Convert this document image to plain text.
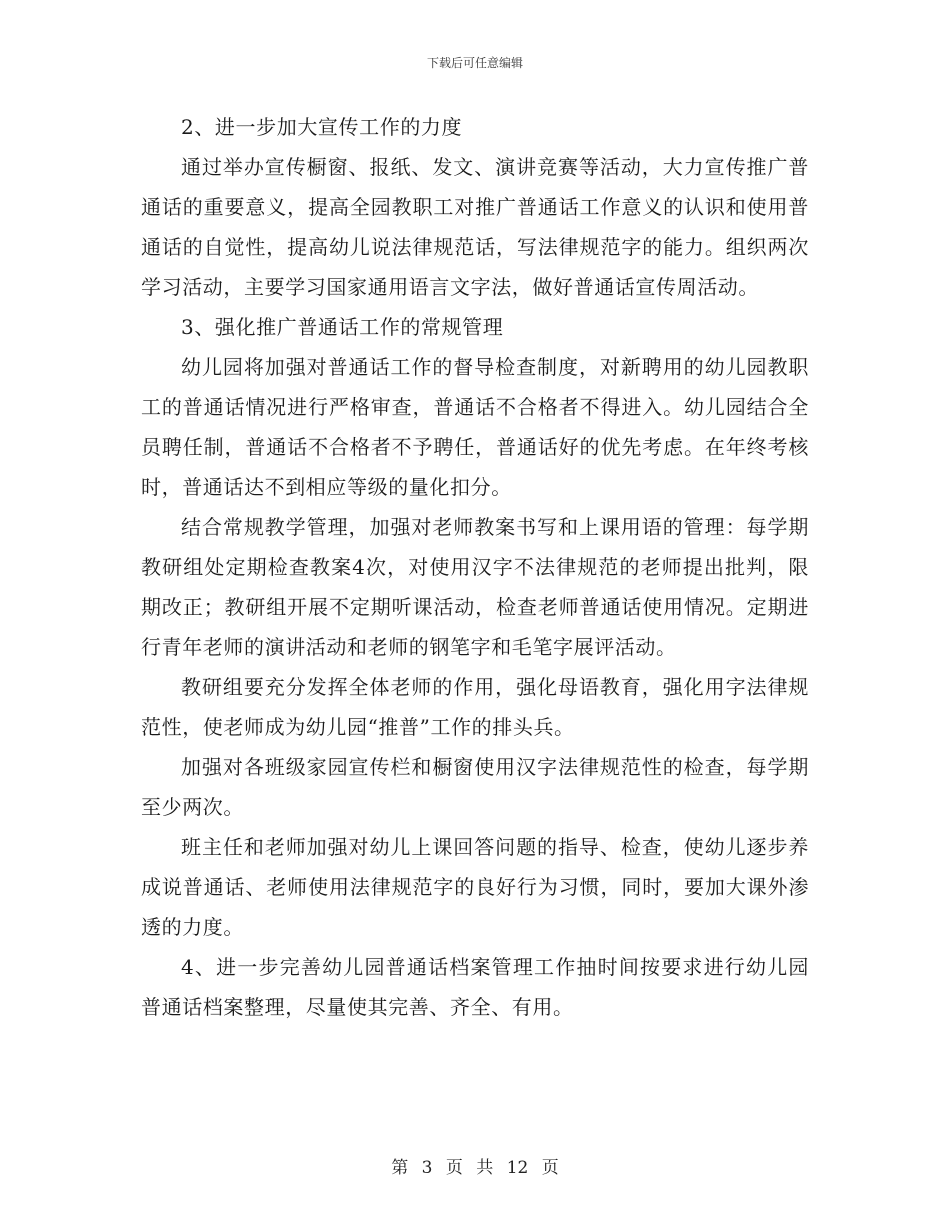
下载后可任意编辑

2、进一步加大宣传工作的力度

通过举办宣传橱窗、报纸、发文、演讲竞赛等活动，大力宣传推广普通话的重要意义，提高全园教职工对推广普通话工作意义的认识和使用普通话的自觉性，提高幼儿说法律规范话，写法律规范字的能力。组织两次学习活动，主要学习国家通用语言文字法，做好普通话宣传周活动。

3、强化推广普通话工作的常规管理

幼儿园将加强对普通话工作的督导检查制度，对新聘用的幼儿园教职工的普通话情况进行严格审查，普通话不合格者不得进入。幼儿园结合全员聘任制，普通话不合格者不予聘任，普通话好的优先考虑。在年终考核时，普通话达不到相应等级的量化扣分。

结合常规教学管理，加强对老师教案书写和上课用语的管理：每学期教研组处定期检查教案4次，对使用汉字不法律规范的老师提出批判，限期改正；教研组开展不定期听课活动，检查老师普通话使用情况。定期进行青年老师的演讲活动和老师的钢笔字和毛笔字展评活动。

教研组要充分发挥全体老师的作用，强化母语教育，强化用字法律规范性，使老师成为幼儿园“推普”工作的排头兵。

加强对各班级家园宣传栏和橱窗使用汉字法律规范性的检查，每学期至少两次。

班主任和老师加强对幼儿上课回答问题的指导、检查，使幼儿逐步养成说普通话、老师使用法律规范字的良好行为习惯，同时，要加大课外渗透的力度。

4、进一步完善幼儿园普通话档案管理工作抽时间按要求进行幼儿园普通话档案整理，尽量使其完善、齐全、有用。

第 3 页 共 12 页
